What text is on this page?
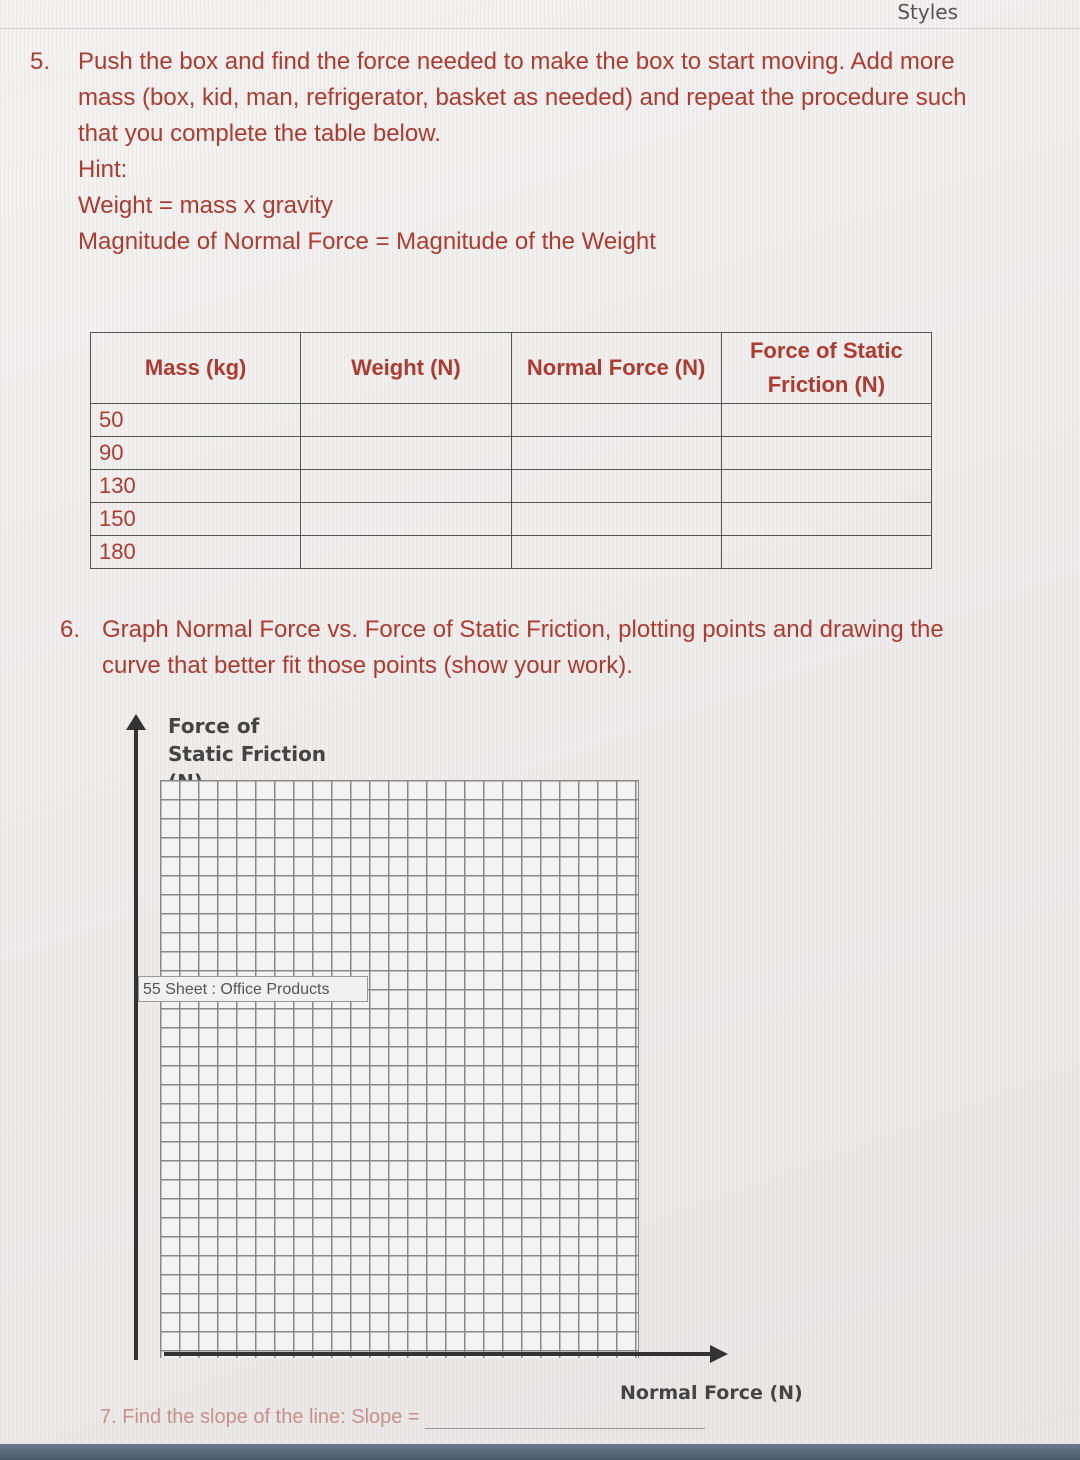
Styles
5. Push the box and find the force needed to make the box to start moving. Add more mass (box, kid, man, refrigerator, basket as needed) and repeat the procedure such that you complete the table below.
Hint:
Weight = mass x gravity
Magnitude of Normal Force = Magnitude of the Weight
Mass (kg)	Weight (N)	Normal Force (N)	Force of Static Friction (N)
50			
90			
130			
150			
180			
6. Graph Normal Force vs. Force of Static Friction, plotting points and drawing the curve that better fit those points (show your work).
Force of Static Friction
55 Sheet : Office Products
Normal Force (N)
7. Find the slope of the line: Slope =
